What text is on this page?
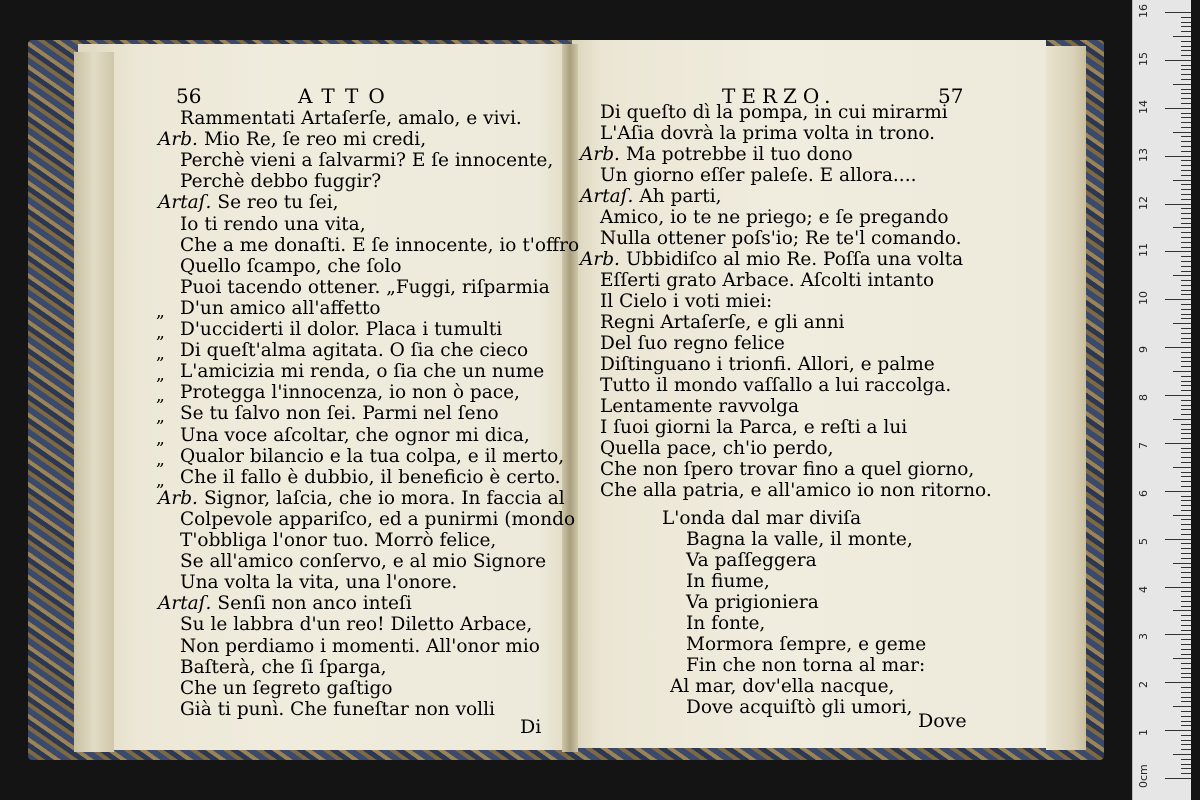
56	ATTO	TERZO.	57
Rammentati Artaſerſe, amalo, e vivi.
Arb. Mio Re, ſe reo mi credi,
Perchè vieni a ſalvarmi? E ſe innocente,
Perchè debbo fuggir?
Artaſ. Se reo tu ſei,
Io ti rendo una vita,
Che a me donaſti. E ſe innocente, io t'offro
Quello ſcampo, che ſolo
Puoi tacendo ottener. „Fuggi, riſparmia
D'un amico all'affetto
D'ucciderti il dolor. Placa i tumulti
Di queſt'alma agitata. O ſia che cieco
L'amicizia mi renda, o ſia che un nume
Protegga l'innocenza, io non ò pace,
Se tu ſalvo non ſei. Parmi nel ſeno
Una voce aſcoltar, che ognor mi dica,
Qualor bilancio e la tua colpa, e il merto,
Che il fallo è dubbio, il beneficio è certo.
Arb. Signor, laſcia, che io mora. In faccia al
Colpevole appariſco, ed a punirmi (mondo
T'obbliga l'onor tuo. Morrò felice,
Se all'amico conſervo, e al mio Signore
Una volta la vita, una l'onore.
Artaſ. Senſi non anco inteſi
Su le labbra d'un reo! Diletto Arbace,
Non perdiamo i momenti. All'onor mio
Baſterà, che ſi ſparga,
Che un ſegreto gaſtigo
Già ti punì. Che funeſtar non volli
Di queſto dì la pompa, in cui mirarmi
L'Aſia dovrà la prima volta in trono.
Arb. Ma potrebbe il tuo dono
Un giorno eſſer paleſe. E allora....
Artaſ. Ah parti,
Amico, io te ne priego; e ſe pregando
Nulla ottener poſs'io; Re te'l comando.
Arb. Ubbidiſco al mio Re. Poſſa una volta
Eſſerti grato Arbace. Aſcolti intanto
Il Cielo i voti miei:
Regni Artaſerſe, e gli anni
Del ſuo regno felice
Diſtinguano i trionfi. Allori, e palme
Tutto il mondo vaſſallo a lui raccolga.
Lentamente ravvolga
I ſuoi giorni la Parca, e reſti a lui
Quella pace, ch'io perdo,
Che non ſpero trovar fino a quel giorno,
Che alla patria, e all'amico io non ritorno.
L'onda dal mar diviſa
Bagna la valle, il monte,
Va paſſeggera
In fiume,
Va prigioniera
In fonte,
Mormora ſempre, e geme
Fin che non torna al mar:
Al mar, dov'ella nacque,
Dove acquiſtò gli umori,
„
„
„
„
„
„
„
„
„
Di	Dove
0cm
1
2
3
4
5
6
7
8
9
10
11
12
13
14
15
16
